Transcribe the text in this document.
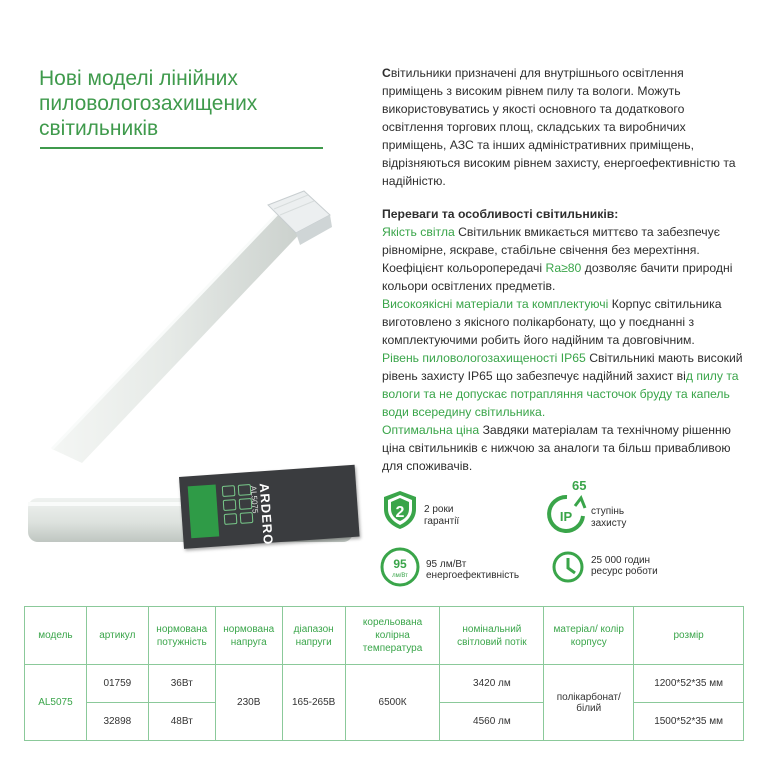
Нові моделі лінійних пиловологозахищених світильників
ARDERO
AL5075

Світильники призначені для внутрішнього освітлення приміщень з високим рівнем пилу та вологи. Можуть використовуватись у якості основного та додаткового освітлення торгових площ, складських та виробничих приміщень, АЗС та інших адміністративних приміщень, відрізняються високим рівнем захисту, енергоефективністю та надійністю.

Переваги та особливості світильників:

Якість світла Світильник вмикається миттєво та забезпечує рівномірне, яскраве, стабільне свічення без мерехтіння. Коефіцієнт кольоропередачі Ra≥80 дозволяє бачити природні кольори освітлених предметів.

Високоякісні матеріали та комплектуючі Корпус світильника виготовлено з якісного полікарбонату, що у поєднанні з комплектуючими робить його надійним та довговічним.

Рівень пиловологозахищеності IP65 Світильникі мають високий рівень захисту IP65 що забезпечує надійний захист від пилу та вологи та не допускає потрапляння часточок бруду та капель води всередину світильника.

Оптимальна ціна Завдяки матеріалам та технічному рішенню ціна світильників є нижчою за аналоги та більш привабливою для споживачів.

2 2 роки
гарантії
65
IP ступінь
захисту
95
лм/Вт
95 лм/Вт
енергоефективність
25 000 годин
ресурс роботи
модель	артикул	нормована потужність	нормована напруга	діапазон напруги	корельована колірна температура	номінальний світловий потік	матеріал/ колір корпусу	розмір
AL5075	01759	36Вт	230В	165-265В	6500К	3420 лм	полікарбонат/ білий	1200*52*35 мм
	32898	48Вт				4560 лм		1500*52*35 мм
